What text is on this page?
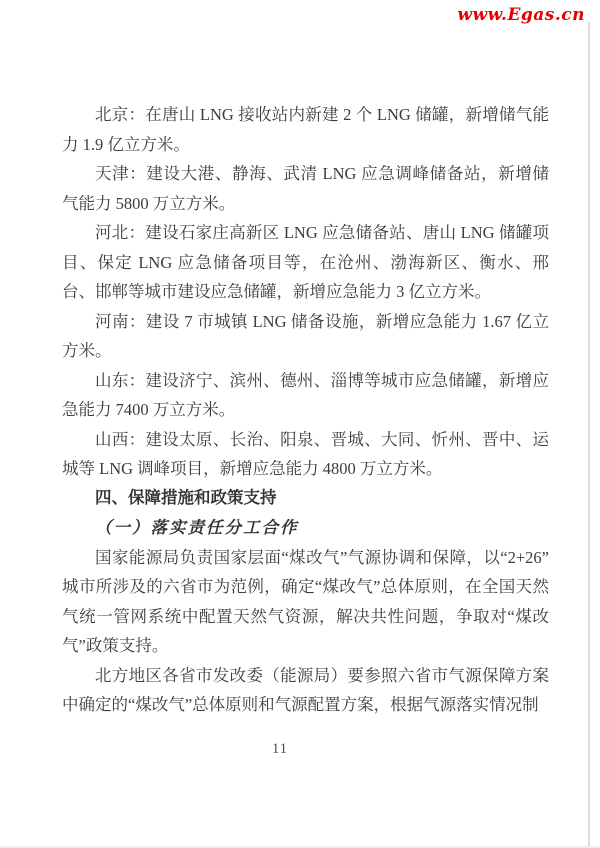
www.Egas.cn

北京：在唐山 LNG 接收站内新建 2 个 LNG 储罐，新增储气能力 1.9 亿立方米。

天津：建设大港、静海、武清 LNG 应急调峰储备站，新增储气能力 5800 万立方米。

河北：建设石家庄高新区 LNG 应急储备站、唐山 LNG 储罐项目、保定 LNG 应急储备项目等，在沧州、渤海新区、衡水、邢台、邯郸等城市建设应急储罐，新增应急能力 3 亿立方米。

河南：建设 7 市城镇 LNG 储备设施，新增应急能力 1.67 亿立方米。

山东：建设济宁、滨州、德州、淄博等城市应急储罐，新增应急能力 7400 万立方米。

山西：建设太原、长治、阳泉、晋城、大同、忻州、晋中、运城等 LNG 调峰项目，新增应急能力 4800 万立方米。

四、保障措施和政策支持

（一）落实责任分工合作

国家能源局负责国家层面“煤改气”气源协调和保障，以“2+26”城市所涉及的六省市为范例，确定“煤改气”总体原则，在全国天然气统一管网系统中配置天然气资源，解决共性问题，争取对“煤改气”政策支持。

北方地区各省市发改委（能源局）要参照六省市气源保障方案中确定的“煤改气”总体原则和气源配置方案，根据气源落实情况制

11
